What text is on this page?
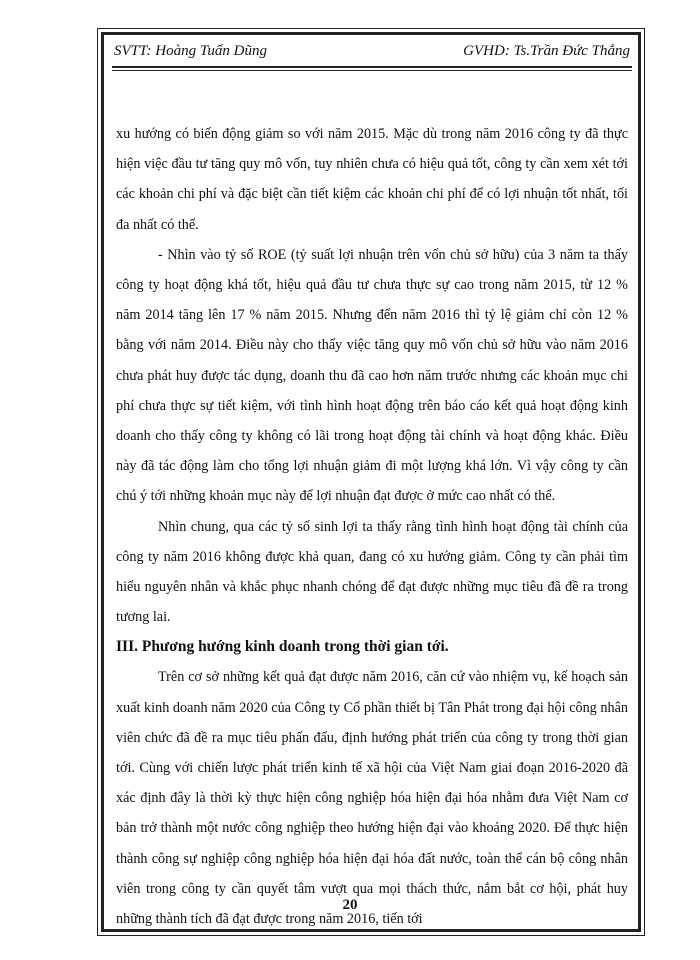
SVTT: Hoàng Tuấn Dũng	GVHD: Ts.Trần Đức Thắng

xu hướng có biến động giảm so với năm 2015. Mặc dù trong năm 2016 công ty đã thực hiện việc đầu tư tăng quy mô vốn, tuy nhiên chưa có hiệu quả tốt, công ty cần xem xét tới các khoản chi phí và đặc biệt cần tiết kiệm các khoản chi phí để có lợi nhuận tốt nhất, tối đa nhất có thể.

- Nhìn vào tỷ số ROE (tỷ suất lợi nhuận trên vốn chủ sở hữu) của 3 năm ta thấy công ty hoạt động khá tốt, hiệu quả đầu tư chưa thực sự cao trong năm 2015, từ 12 % năm 2014 tăng lên 17 % năm 2015. Nhưng đến năm 2016 thì tỷ lệ giảm chỉ còn 12 % bằng với năm 2014. Điều này cho thấy việc tăng quy mô vốn chủ sở hữu vào năm 2016 chưa phát huy được tác dụng, doanh thu đã cao hơn năm trước nhưng các khoản mục chi phí chưa thực sự tiết kiệm, với tình hình hoạt động trên báo cáo kết quả hoạt động kinh doanh cho thấy công ty không có lãi trong hoạt động tài chính và hoạt động khác. Điều này đã tác động làm cho tổng lợi nhuận giảm đi một lượng khá lớn. Vì vậy công ty cần chú ý tới những khoản mục này để lợi nhuận đạt được ở mức cao nhất có thể.

Nhìn chung, qua các tỷ số sinh lợi ta thấy rằng tình hình hoạt động tài chính của công ty năm 2016 không được khả quan, đang có xu hướng giảm. Công ty cần phải tìm hiểu nguyên nhân và khắc phục nhanh chóng để đạt được những mục tiêu đã đề ra trong tương lai.

III. Phương hướng kinh doanh trong thời gian tới.

Trên cơ sở những kết quả đạt được năm 2016, căn cứ vào nhiệm vụ, kế hoạch sản xuất kinh doanh năm 2020 của Công ty Cổ phần thiết bị Tân Phát trong đại hội công nhân viên chức đã đề ra mục tiêu phấn đấu, định hướng phát triển của công ty trong thời gian tới. Cùng với chiến lược phát triển kinh tế xã hội của Việt Nam giai đoạn 2016-2020 đã xác định đây là thời kỳ thực hiện công nghiệp hóa hiện đại hóa nhằm đưa Việt Nam cơ bản trở thành một nước công nghiệp theo hướng hiện đại vào khoảng 2020. Để thực hiện thành công sự nghiệp công nghiệp hóa hiện đại hóa đất nước, toàn thể cán bộ công nhân viên trong công ty cần quyết tâm vượt qua mọi thách thức, nắm bắt cơ hội, phát huy những thành tích đã đạt được trong năm 2016, tiến tới

20
